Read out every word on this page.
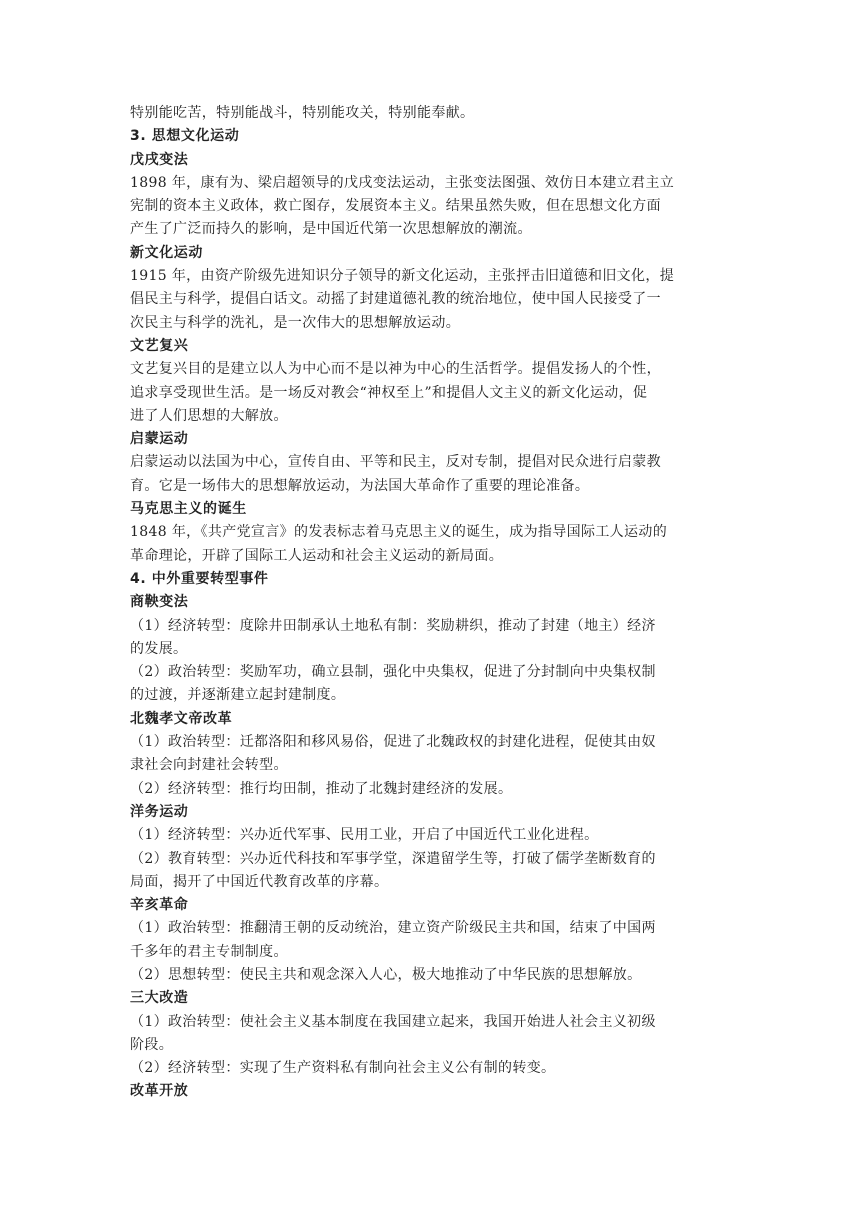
特别能吃苦，特别能战斗，特别能攻关，特别能奉献。
3. 思想文化运动
戊戌变法
1898 年，康有为、梁启超领导的戊戌变法运动，主张变法图强、效仿日本建立君主立
宪制的资本主义政体，救亡图存，发展资本主义。结果虽然失败，但在思想文化方面
产生了广泛而持久的影响，是中国近代第一次思想解放的潮流。
新文化运动
1915 年，由资产阶级先进知识分子领导的新文化运动，主张抨击旧道德和旧文化，提
倡民主与科学，提倡白话文。动摇了封建道德礼教的统治地位，使中国人民接受了一
次民主与科学的洗礼，是一次伟大的思想解放运动。
文艺复兴
文艺复兴目的是建立以人为中心而不是以神为中心的生活哲学。提倡发扬人的个性，
追求享受现世生活。是一场反对教会“神权至上”和提倡人文主义的新文化运动，促
进了人们思想的大解放。
启蒙运动
启蒙运动以法国为中心，宣传自由、平等和民主，反对专制，提倡对民众进行启蒙教
育。它是一场伟大的思想解放运动，为法国大革命作了重要的理论准备。
马克思主义的诞生
1848 年，《共产党宣言》的发表标志着马克思主义的诞生，成为指导国际工人运动的
革命理论，开辟了国际工人运动和社会主义运动的新局面。
4. 中外重要转型事件
商鞅变法
（1）经济转型：度除井田制承认土地私有制：奖励耕织，推动了封建（地主）经济
的发展。
（2）政治转型：奖励军功，确立县制，强化中央集权，促进了分封制向中央集权制
的过渡，并逐渐建立起封建制度。
北魏孝文帝改革
（1）政治转型：迁都洛阳和移风易俗，促进了北魏政权的封建化进程，促使其由奴
隶社会向封建社会转型。
（2）经济转型：推行均田制，推动了北魏封建经济的发展。
洋务运动
（1）经济转型：兴办近代军事、民用工业，开启了中国近代工业化进程。
（2）教育转型：兴办近代科技和军事学堂，深遣留学生等，打破了儒学垄断数育的
局面，揭开了中国近代教育改革的序幕。
辛亥革命
（1）政治转型：推翻清王朝的反动统治，建立资产阶级民主共和国，结束了中国两
千多年的君主专制制度。
（2）思想转型：使民主共和观念深入人心，极大地推动了中华民族的思想解放。
三大改造
（1）政治转型：使社会主义基本制度在我国建立起来，我国开始进人社会主义初级
阶段。
（2）经济转型：实现了生产资料私有制向社会主义公有制的转变。
改革开放
